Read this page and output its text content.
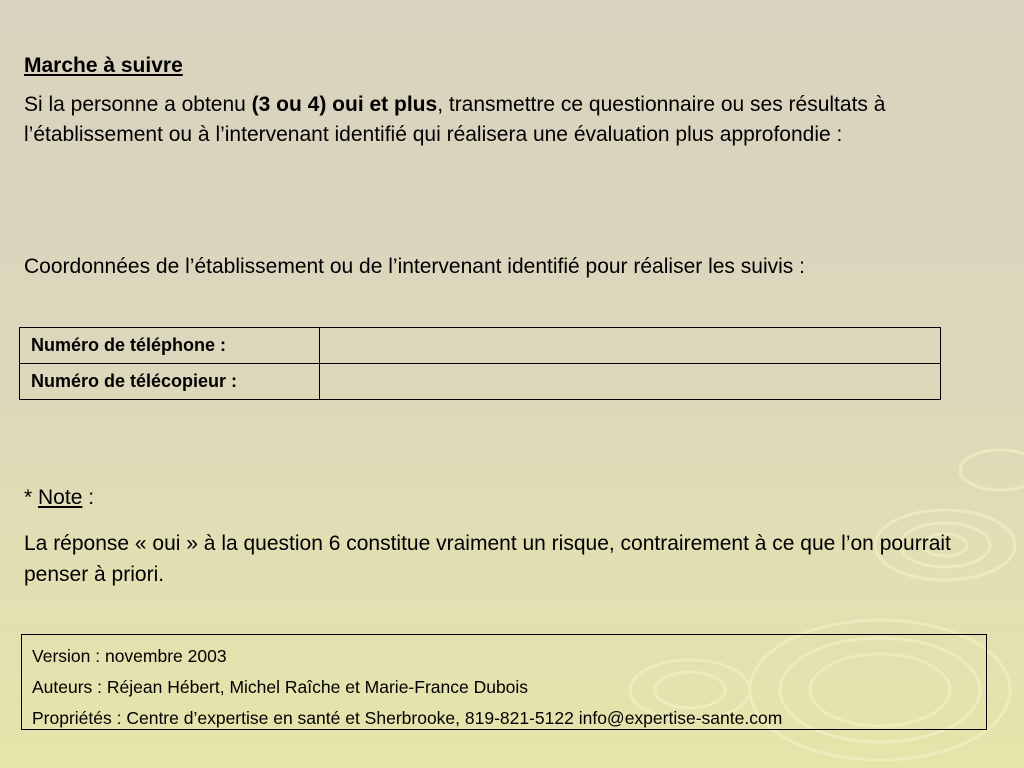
Marche à suivre

Si la personne a obtenu (3 ou 4) oui et plus, transmettre ce questionnaire ou ses résultats à l’établissement ou à l’intervenant identifié qui réalisera une évaluation plus approfondie :

Coordonnées de l’établissement ou de l’intervenant identifié pour réaliser les suivis :
Numéro de téléphone :	
Numéro de télécopieur :	
* Note :
La réponse « oui » à la question 6 constitue vraiment un risque, contrairement à ce que l’on pourrait penser à priori.
Version : novembre 2003
Auteurs : Réjean Hébert, Michel Raîche et Marie-France Dubois
Propriétés : Centre d’expertise en santé et Sherbrooke, 819-821-5122 info@expertise-sante.com
